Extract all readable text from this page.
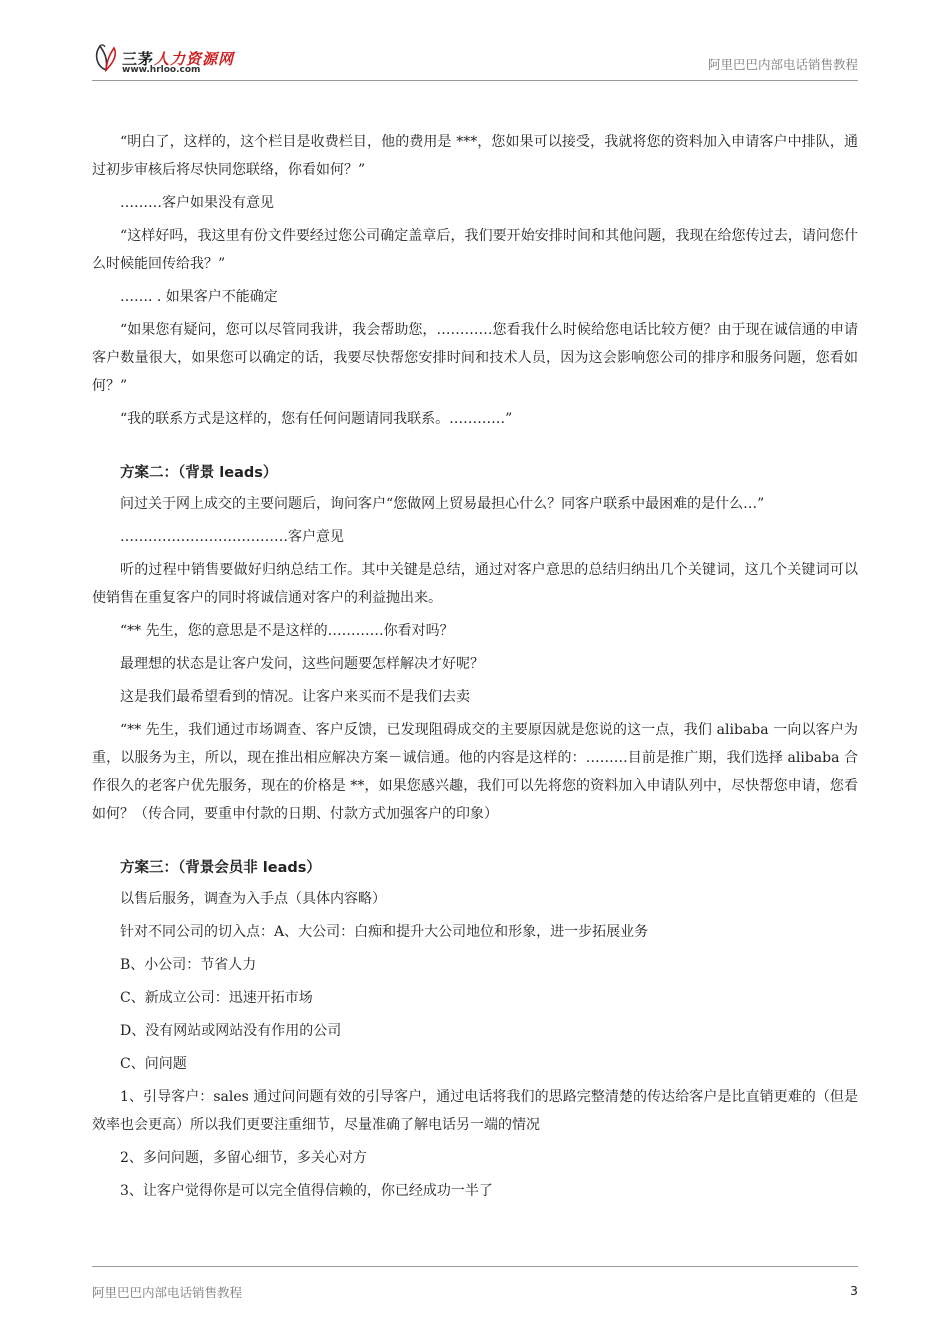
三茅人力资源网
www.hrloo.com	阿里巴巴内部电话销售教程

“明白了，这样的，这个栏目是收费栏目，他的费用是 ***，您如果可以接受，我就将您的资料加入申请客户中排队，通过初步审核后将尽快同您联络，你看如何？”

………客户如果没有意见

“这样好吗，我这里有份文件要经过您公司确定盖章后，我们要开始安排时间和其他问题，我现在给您传过去，请问您什么时候能回传给我？”

……. . 如果客户不能确定

“如果您有疑问，您可以尽管同我讲，我会帮助您，…………您看我什么时候给您电话比较方便？由于现在诚信通的申请客户数量很大，如果您可以确定的话，我要尽快帮您安排时间和技术人员，因为这会影响您公司的排序和服务问题，您看如何？”

“我的联系方式是这样的，您有任何问题请同我联系。…………”

方案二：（背景 leads）

问过关于网上成交的主要问题后，询问客户“您做网上贸易最担心什么？同客户联系中最困难的是什么…”

………………………………客户意见

听的过程中销售要做好归纳总结工作。其中关键是总结，通过对客户意思的总结归纳出几个关键词，这几个关键词可以使销售在重复客户的同时将诚信通对客户的利益抛出来。

“** 先生，您的意思是不是这样的…………你看对吗？

最理想的状态是让客户发问，这些问题要怎样解决才好呢？

这是我们最希望看到的情况。让客户来买而不是我们去卖

“** 先生，我们通过市场调查、客户反馈，已发现阻碍成交的主要原因就是您说的这一点，我们 alibaba 一向以客户为重，以服务为主，所以，现在推出相应解决方案－诚信通。他的内容是这样的：………目前是推广期，我们选择 alibaba 合作很久的老客户优先服务，现在的价格是 **，如果您感兴趣，我们可以先将您的资料加入申请队列中，尽快帮您申请，您看如何？（传合同，要重申付款的日期、付款方式加强客户的印象）

方案三：（背景会员非 leads）

以售后服务，调查为入手点（具体内容略）

针对不同公司的切入点：A、大公司：白痴和提升大公司地位和形象，进一步拓展业务

B、小公司：节省人力

C、新成立公司：迅速开拓市场

D、没有网站或网站没有作用的公司

C、问问题

1、引导客户：sales 通过问问题有效的引导客户，通过电话将我们的思路完整清楚的传达给客户是比直销更难的（但是效率也会更高）所以我们更要注重细节，尽量准确了解电话另一端的情况

2、多问问题，多留心细节，多关心对方

3、让客户觉得你是可以完全值得信赖的，你已经成功一半了

阿里巴巴内部电话销售教程	3
